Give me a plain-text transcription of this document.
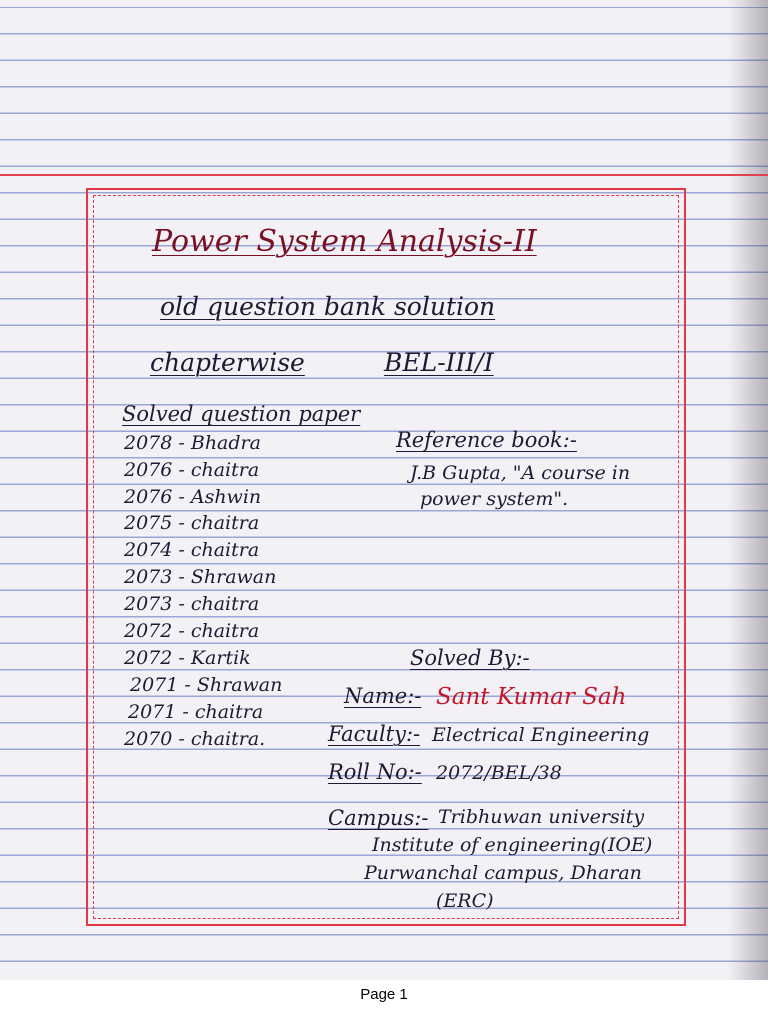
Power System Analysis-II

old question bank solution

chapterwise	BEL-III/I

Solved question paper

2078 - Bhadra

2076 - chaitra

2076 - Ashwin

2075 - chaitra

2074 - chaitra

2073 - Shrawan

2073 - chaitra

2072 - chaitra

2072 - Kartik

2071 - Shrawan

2071 - chaitra

2070 - chaitra.

Reference book:-

J.B Gupta, "A course in

power system".

Solved By:-

Name:- Sant Kumar Sah

Faculty:- Electrical Engineering

Roll No:- 2072/BEL/38

Campus:- Tribhuwan university

Institute of engineering(IOE)

Purwanchal campus, Dharan

(ERC)

Page 1
